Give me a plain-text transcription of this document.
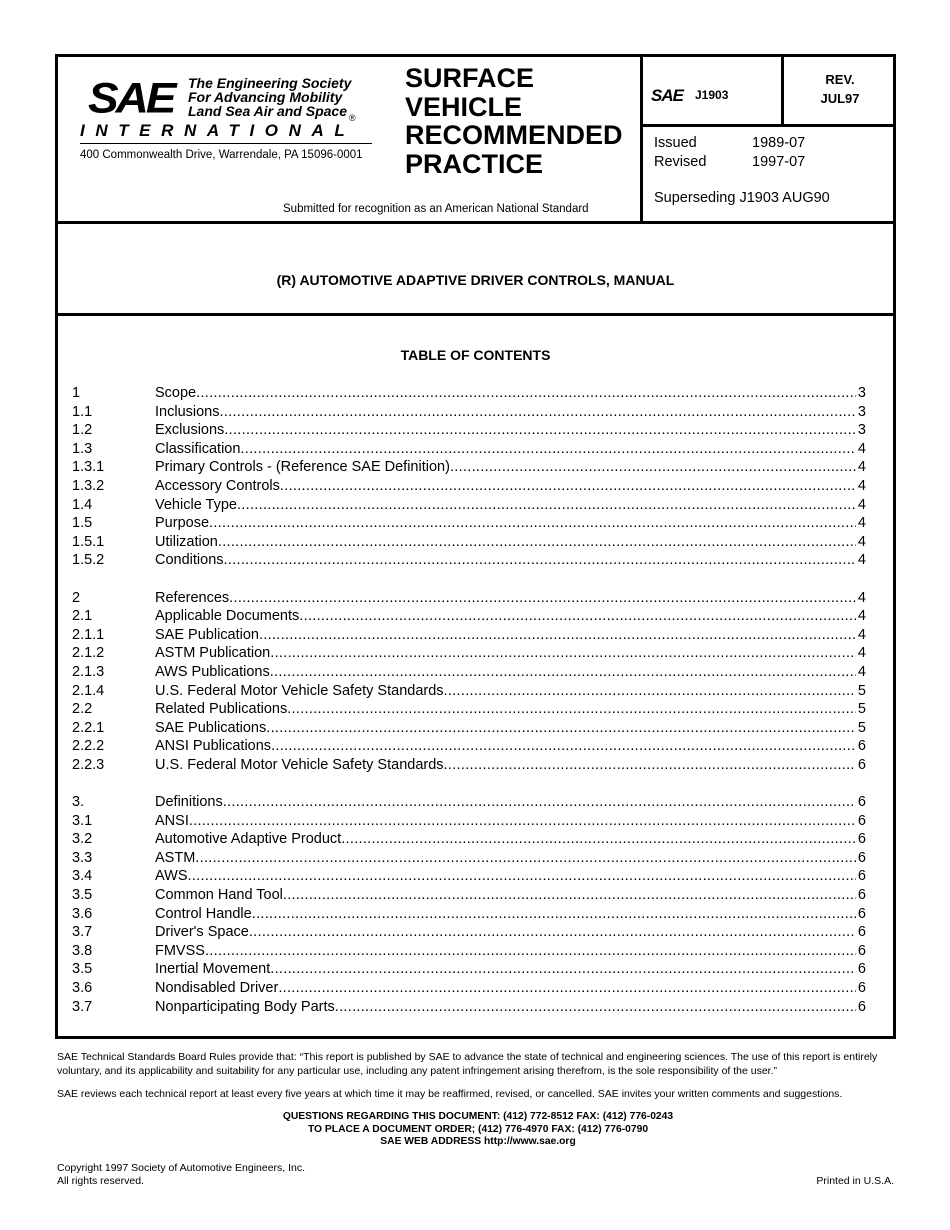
SAE	The Engineering Society
For Advancing Mobility
Land Sea Air and Space ®
INTERNATIONAL
400 Commonwealth Drive, Warrendale, PA 15096-0001
Submitted for recognition as an American National Standard
SURFACE
VEHICLE
RECOMMENDED
PRACTICE
SAE J1903
REV.
JUL97
Issued	1989-07
Revised	1997-07
Superseding J1903 AUG90
(R) AUTOMOTIVE ADAPTIVE DRIVER CONTROLS, MANUAL
TABLE OF CONTENTS
1	Scope .....	3
1.1	Inclusions .....	3
1.2	Exclusions .....	3
1.3	Classification .....	4
1.3.1	Primary Controls - (Reference SAE Definition) .....	4
1.3.2	Accessory Controls .....	4
1.4	Vehicle Type .....	4
1.5	Purpose .....	4
1.5.1	Utilization .....	4
1.5.2	Conditions .....	4
2	References .....	4
2.1	Applicable Documents .....	4
2.1.1	SAE Publication .....	4
2.1.2	ASTM Publication .....	4
2.1.3	AWS Publications .....	4
2.1.4	U.S. Federal Motor Vehicle Safety Standards .....	5
2.2	Related Publications .....	5
2.2.1	SAE Publications .....	5
2.2.2	ANSI Publications .....	6
2.2.3	U.S. Federal Motor Vehicle Safety Standards .....	6
3.	Definitions .....	6
3.1	ANSI .....	6
3.2	Automotive Adaptive Product .....	6
3.3	ASTM .....	6
3.4	AWS .....	6
3.5	Common Hand Tool .....	6
3.6	Control Handle .....	6
3.7	Driver's Space .....	6
3.8	FMVSS .....	6
3.5	Inertial Movement .....	6
3.6	Nondisabled Driver .....	6
3.7	Nonparticipating Body Parts .....	6
SAE Technical Standards Board Rules provide that: “This report is published by SAE to advance the state of technical and engineering sciences. The use of this report is entirely voluntary, and its applicability and suitability for any particular use, including any patent infringement arising therefrom, is the sole responsibility of the user.”
SAE reviews each technical report at least every five years at which time it may be reaffirmed, revised, or cancelled. SAE invites your written comments and suggestions.
QUESTIONS REGARDING THIS DOCUMENT: (412) 772-8512 FAX: (412) 776-0243
TO PLACE A DOCUMENT ORDER; (412) 776-4970 FAX: (412) 776-0790
SAE WEB ADDRESS http://www.sae.org
Copyright 1997 Society of Automotive Engineers, Inc.
All rights reserved.	Printed in U.S.A.
